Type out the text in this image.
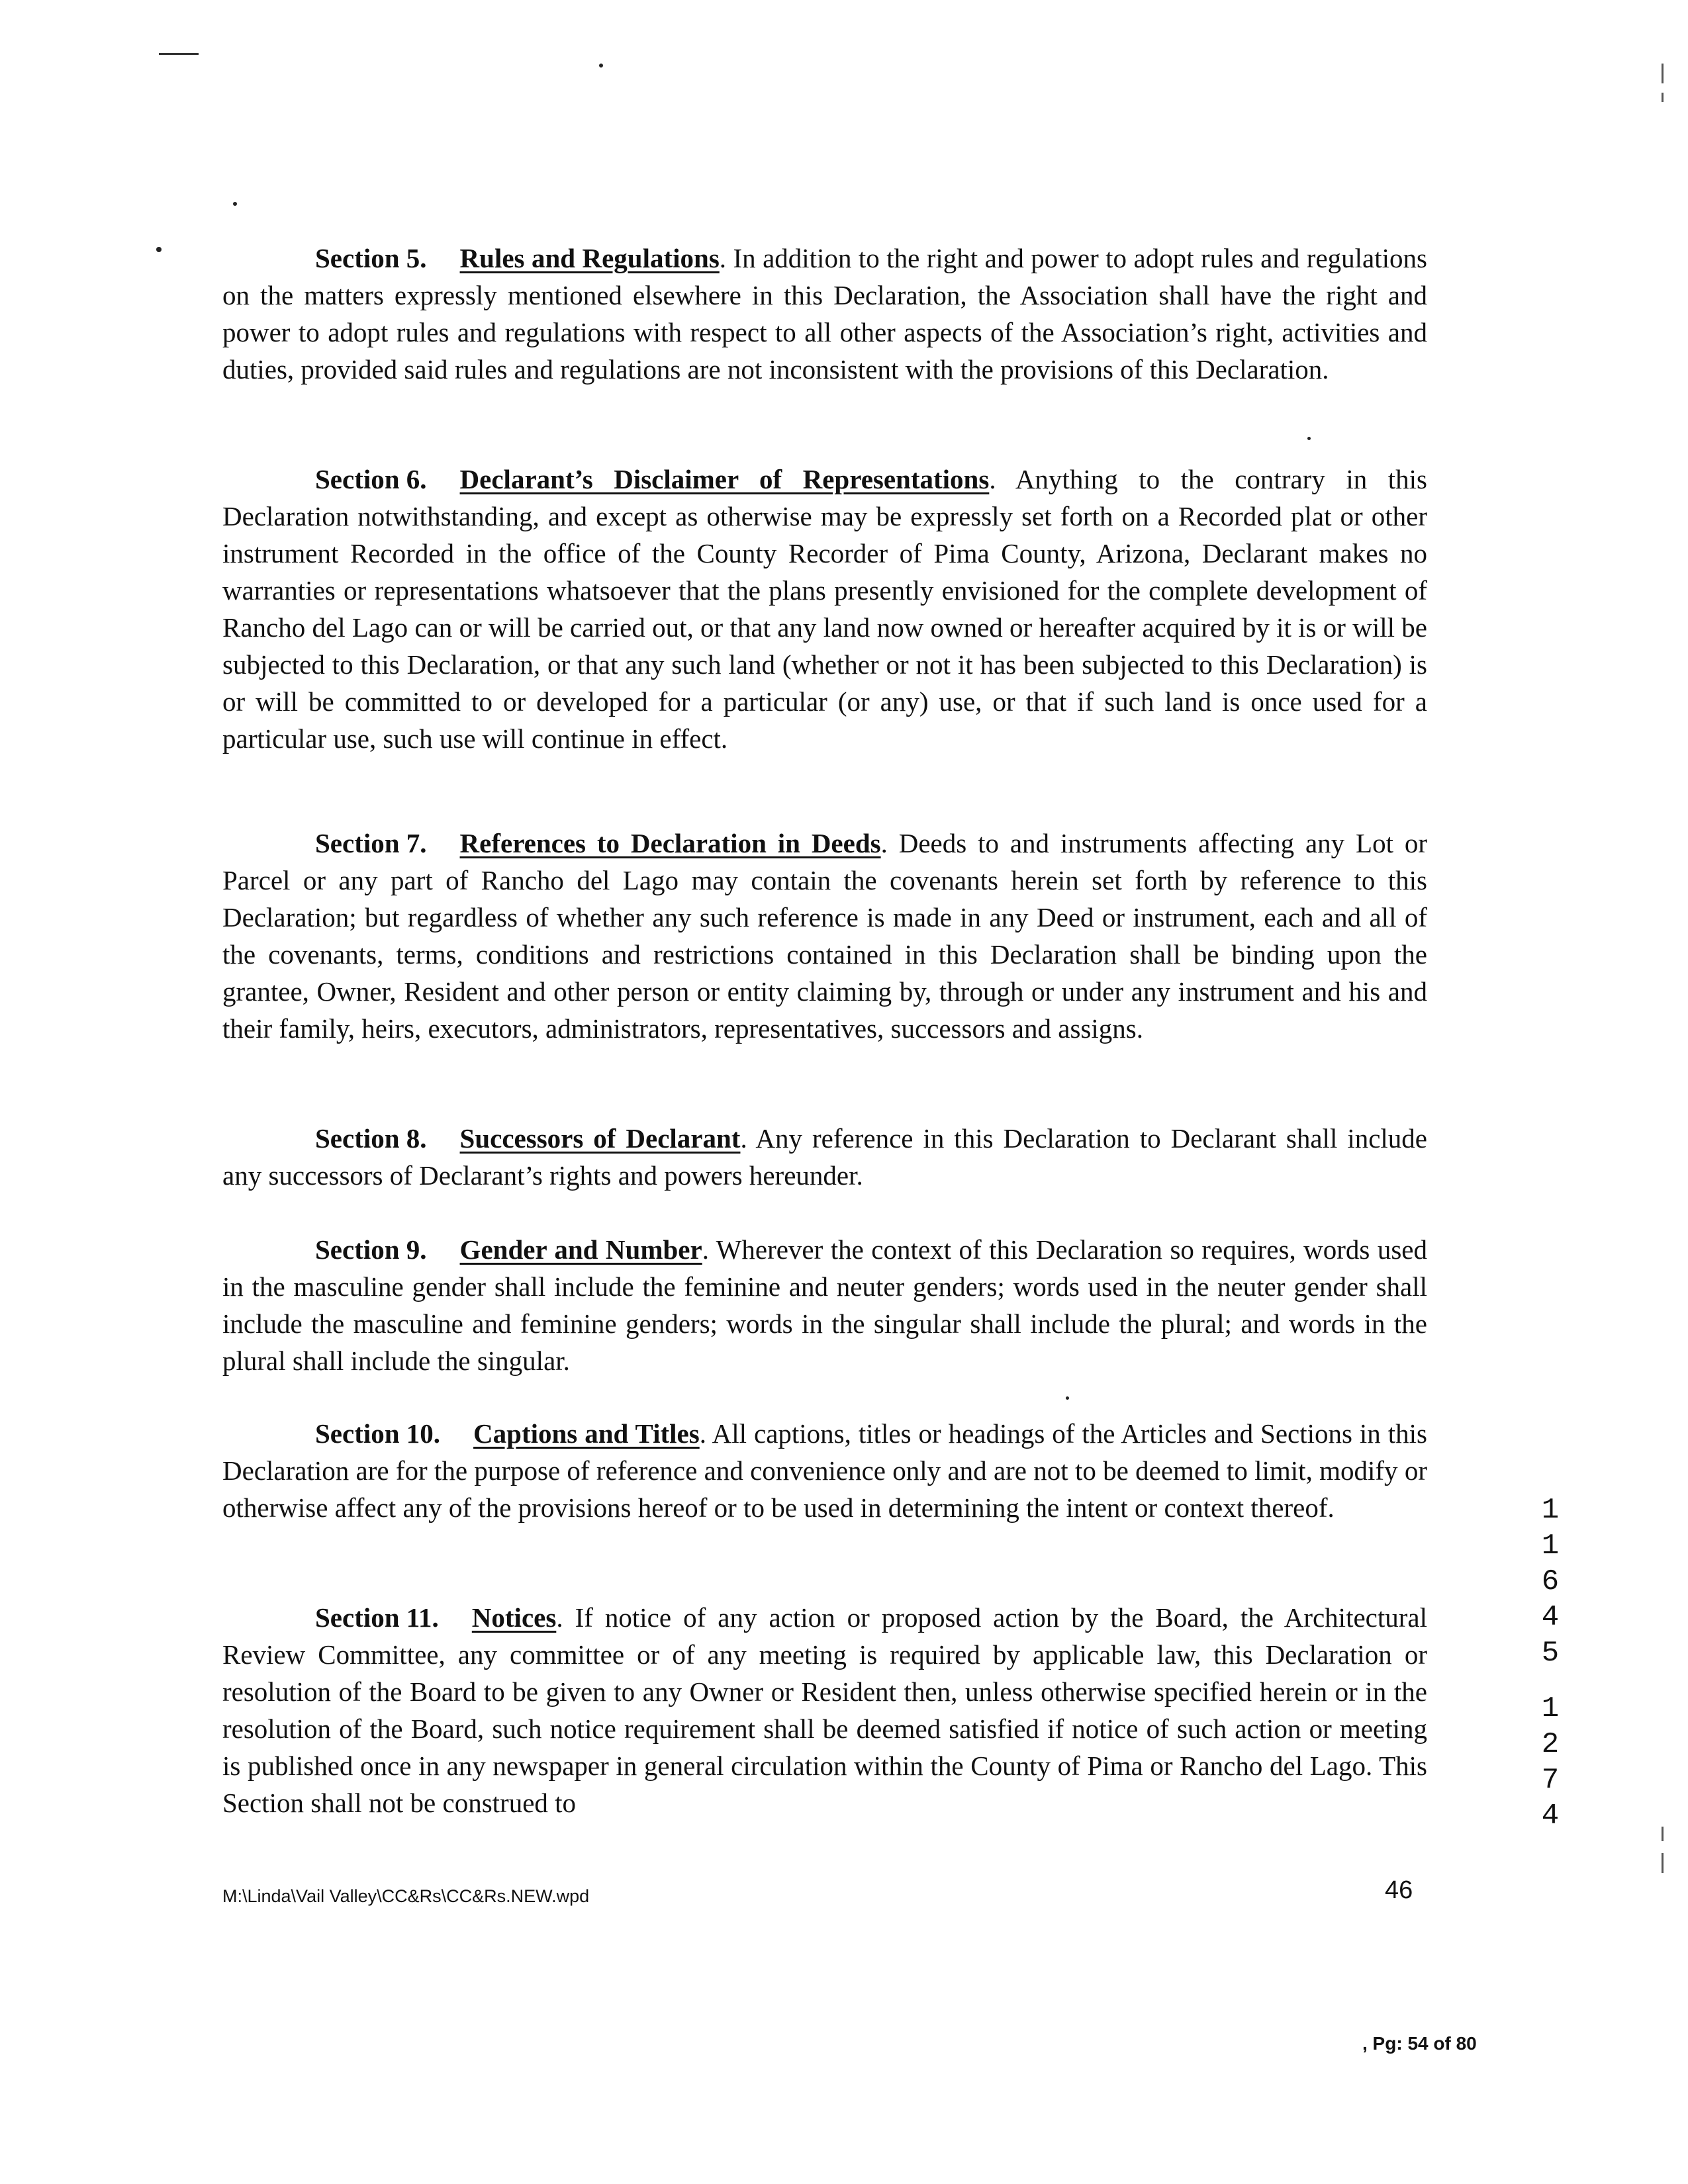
Section 5. Rules and Regulations. In addition to the right and power to adopt rules and regulations on the matters expressly mentioned elsewhere in this Declaration, the Association shall have the right and power to adopt rules and regulations with respect to all other aspects of the Association’s right, activities and duties, provided said rules and regulations are not inconsistent with the provisions of this Declaration.

Section 6. Declarant’s Disclaimer of Representations. Anything to the contrary in this Declaration notwithstanding, and except as otherwise may be expressly set forth on a Recorded plat or other instrument Recorded in the office of the County Recorder of Pima County, Arizona, Declarant makes no warranties or representations whatsoever that the plans presently envisioned for the complete development of Rancho del Lago can or will be carried out, or that any land now owned or hereafter acquired by it is or will be subjected to this Declaration, or that any such land (whether or not it has been subjected to this Declaration) is or will be committed to or developed for a particular (or any) use, or that if such land is once used for a particular use, such use will continue in effect.

Section 7. References to Declaration in Deeds. Deeds to and instruments affecting any Lot or Parcel or any part of Rancho del Lago may contain the covenants herein set forth by reference to this Declaration; but regardless of whether any such reference is made in any Deed or instrument, each and all of the covenants, terms, conditions and restrictions contained in this Declaration shall be binding upon the grantee, Owner, Resident and other person or entity claiming by, through or under any instrument and his and their family, heirs, executors, administrators, representatives, successors and assigns.

Section 8. Successors of Declarant. Any reference in this Declaration to Declarant shall include any successors of Declarant’s rights and powers hereunder.

Section 9. Gender and Number. Wherever the context of this Declaration so requires, words used in the masculine gender shall include the feminine and neuter genders; words used in the neuter gender shall include the masculine and feminine genders; words in the singular shall include the plural; and words in the plural shall include the singular.

Section 10. Captions and Titles. All captions, titles or headings of the Articles and Sections in this Declaration are for the purpose of reference and convenience only and are not to be deemed to limit, modify or otherwise affect any of the provisions hereof or to be used in determining the intent or context thereof.

Section 11. Notices. If notice of any action or proposed action by the Board, the Architectural Review Committee, any committee or of any meeting is required by applicable law, this Declaration or resolution of the Board to be given to any Owner or Resident then, unless otherwise specified herein or in the resolution of the Board, such notice requirement shall be deemed satisfied if notice of such action or meeting is published once in any newspaper in general circulation within the County of Pima or Rancho del Lago. This Section shall not be construed to

1
1
6
4
5
1
2
7
4
M:\Linda\Vail Valley\CC&Rs\CC&Rs.NEW.wpd	46
, Pg: 54 of 80
